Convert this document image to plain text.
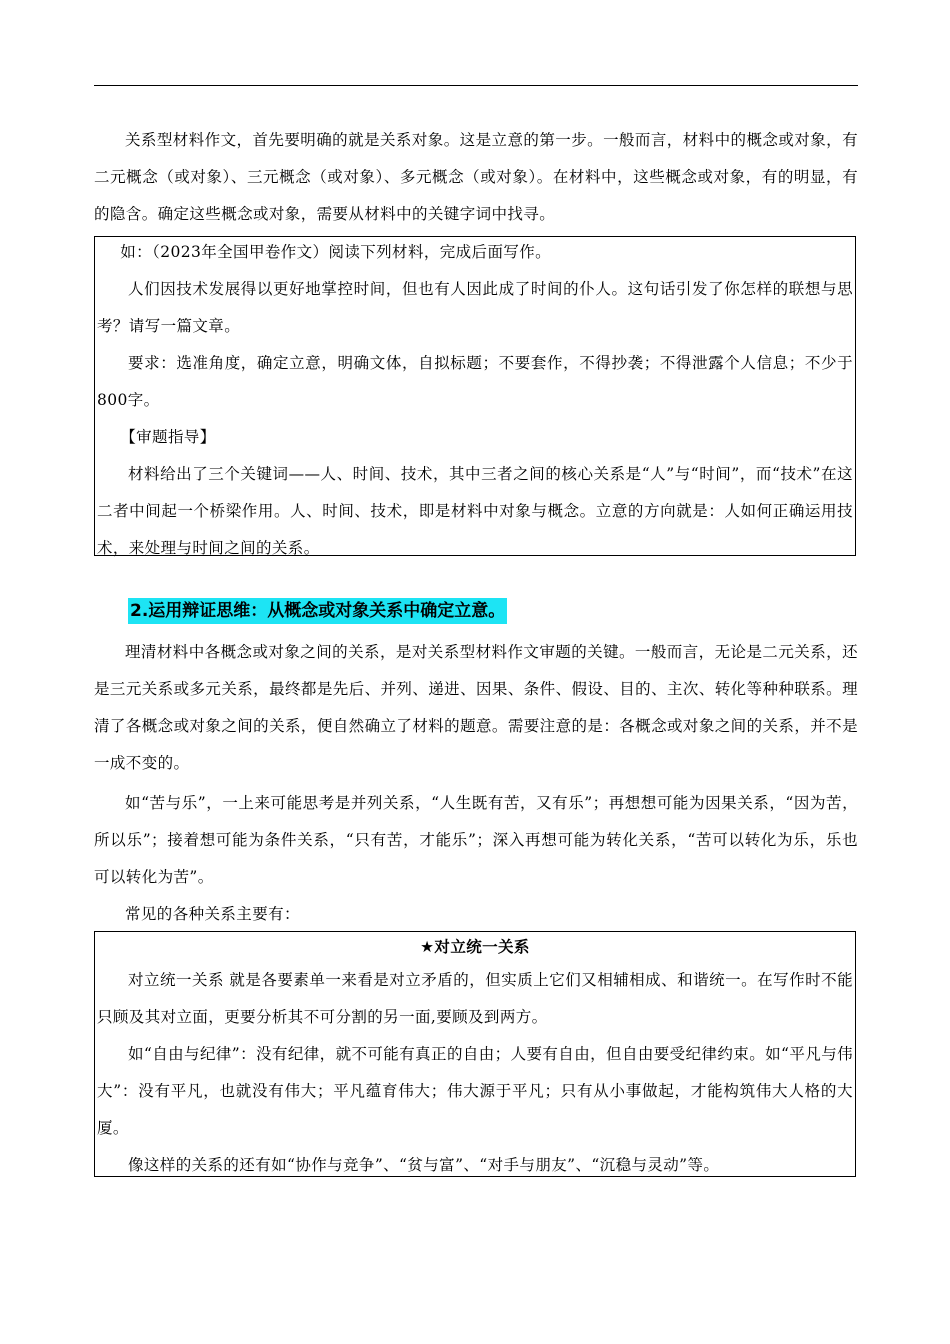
关系型材料作文，首先要明确的就是关系对象。这是立意的第一步。一般而言，材料中的概念或对象，有二元概念（或对象）、三元概念（或对象）、多元概念（或对象）。在材料中，这些概念或对象，有的明显，有的隐含。确定这些概念或对象，需要从材料中的关键字词中找寻。

如：（2023年全国甲卷作文）阅读下列材料，完成后面写作。

人们因技术发展得以更好地掌控时间，但也有人因此成了时间的仆人。这句话引发了你怎样的联想与思考？请写一篇文章。

要求：选准角度，确定立意，明确文体，自拟标题；不要套作，不得抄袭；不得泄露个人信息；不少于800字。

【审题指导】

材料给出了三个关键词——人、时间、技术，其中三者之间的核心关系是“人”与“时间”，而“技术”在这二者中间起一个桥梁作用。人、时间、技术，即是材料中对象与概念。立意的方向就是：人如何正确运用技术，来处理与时间之间的关系。

2.运用辩证思维：从概念或对象关系中确定立意。

理清材料中各概念或对象之间的关系，是对关系型材料作文审题的关键。一般而言，无论是二元关系，还是三元关系或多元关系，最终都是先后、并列、递进、因果、条件、假设、目的、主次、转化等种种联系。理清了各概念或对象之间的关系，便自然确立了材料的题意。需要注意的是：各概念或对象之间的关系，并不是一成不变的。

如“苦与乐”，一上来可能思考是并列关系，“人生既有苦，又有乐”；再想想可能为因果关系，“因为苦，所以乐”；接着想可能为条件关系，“只有苦，才能乐”；深入再想可能为转化关系，“苦可以转化为乐，乐也可以转化为苦”。

常见的各种关系主要有：

★对立统一关系

对立统一关系 就是各要素单一来看是对立矛盾的，但实质上它们又相辅相成、和谐统一。在写作时不能只顾及其对立面，更要分析其不可分割的另一面,要顾及到两方。

如“自由与纪律”：没有纪律，就不可能有真正的自由；人要有自由，但自由要受纪律约束。如“平凡与伟大”：没有平凡，也就没有伟大；平凡蕴育伟大；伟大源于平凡；只有从小事做起，才能构筑伟大人格的大厦。

像这样的关系的还有如“协作与竞争”、“贫与富”、“对手与朋友”、“沉稳与灵动”等。
